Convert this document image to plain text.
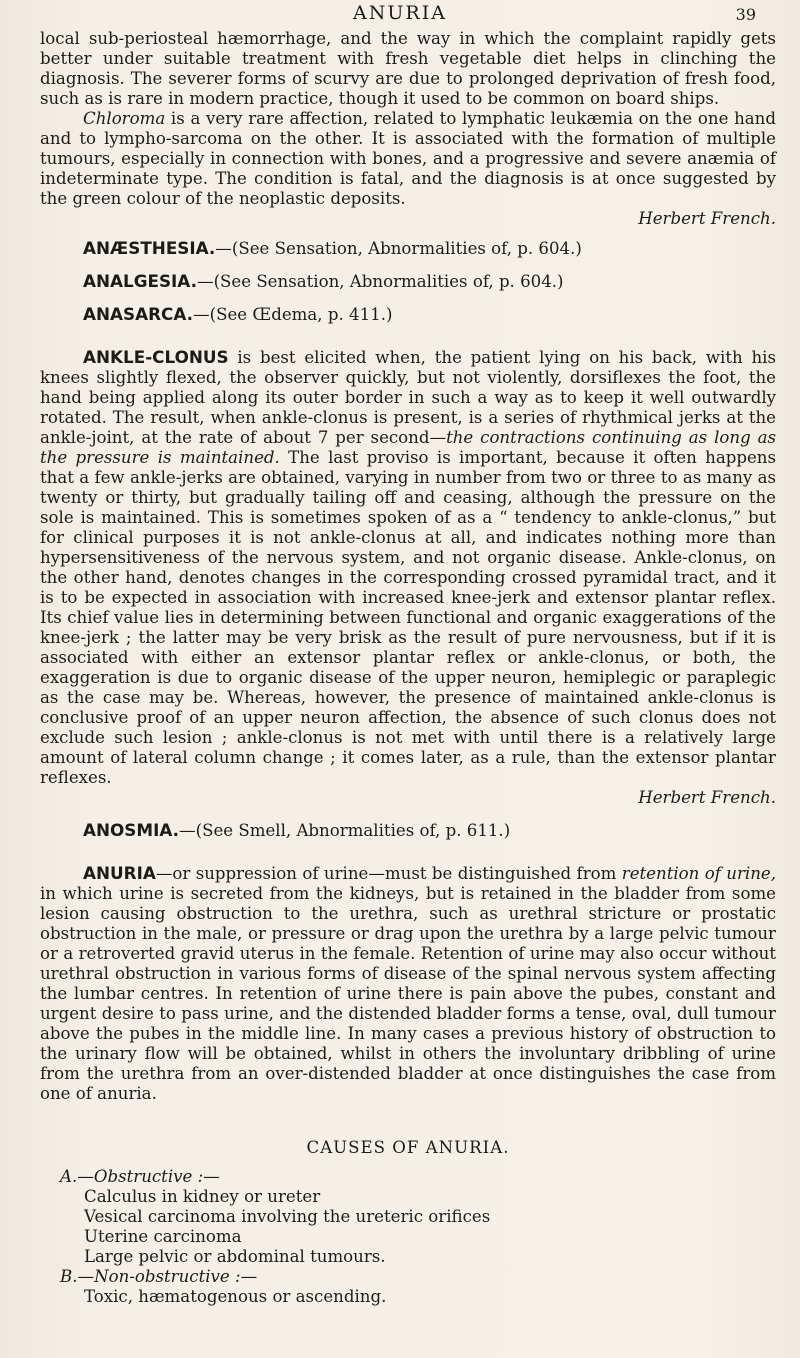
ANURIA	39

local sub-periosteal hæmorrhage, and the way in which the complaint rapidly gets better under suitable treatment with fresh vegetable diet helps in clinching the diagnosis. The severer forms of scurvy are due to prolonged deprivation of fresh food, such as is rare in modern practice, though it used to be common on board ships.

Chloroma is a very rare affection, related to lymphatic leukæmia on the one hand and to lympho-sarcoma on the other. It is associated with the formation of multiple tumours, especially in connection with bones, and a progressive and severe anæmia of indeterminate type. The condition is fatal, and the diagnosis is at once suggested by the green colour of the neoplastic deposits.

Herbert French.

ANÆSTHESIA.—(See Sensation, Abnormalities of, p. 604.)

ANALGESIA.—(See Sensation, Abnormalities of, p. 604.)

ANASARCA.—(See Œdema, p. 411.)

ANKLE-CLONUS is best elicited when, the patient lying on his back, with his knees slightly flexed, the observer quickly, but not violently, dorsiflexes the foot, the hand being applied along its outer border in such a way as to keep it well outwardly rotated. The result, when ankle-clonus is present, is a series of rhythmical jerks at the ankle-joint, at the rate of about 7 per second—the contractions continuing as long as the pressure is maintained. The last proviso is important, because it often happens that a few ankle-jerks are obtained, varying in number from two or three to as many as twenty or thirty, but gradually tailing off and ceasing, although the pressure on the sole is maintained. This is sometimes spoken of as a “ tendency to ankle-clonus,” but for clinical purposes it is not ankle-clonus at all, and indicates nothing more than hypersensitiveness of the nervous system, and not organic disease. Ankle-clonus, on the other hand, denotes changes in the corresponding crossed pyramidal tract, and it is to be expected in association with increased knee-jerk and extensor plantar reflex. Its chief value lies in determining between functional and organic exaggerations of the knee-jerk ; the latter may be very brisk as the result of pure nervousness, but if it is associated with either an extensor plantar reflex or ankle-clonus, or both, the exaggeration is due to organic disease of the upper neuron, hemiplegic or paraplegic as the case may be. Whereas, however, the presence of maintained ankle-clonus is conclusive proof of an upper neuron affection, the absence of such clonus does not exclude such lesion ; ankle-clonus is not met with until there is a relatively large amount of lateral column change ; it comes later, as a rule, than the extensor plantar reflexes.

Herbert French.

ANOSMIA.—(See Smell, Abnormalities of, p. 611.)

ANURIA—or suppression of urine—must be distinguished from retention of urine, in which urine is secreted from the kidneys, but is retained in the bladder from some lesion causing obstruction to the urethra, such as urethral stricture or prostatic obstruction in the male, or pressure or drag upon the urethra by a large pelvic tumour or a retroverted gravid uterus in the female. Retention of urine may also occur without urethral obstruction in various forms of disease of the spinal nervous system affecting the lumbar centres. In retention of urine there is pain above the pubes, constant and urgent desire to pass urine, and the distended bladder forms a tense, oval, dull tumour above the pubes in the middle line. In many cases a previous history of obstruction to the urinary flow will be obtained, whilst in others the involuntary dribbling of urine from the urethra from an over-distended bladder at once distinguishes the case from one of anuria.

CAUSES OF ANURIA.
A.—Obstructive :—
Calculus in kidney or ureter
Vesical carcinoma involving the ureteric orifices
Uterine carcinoma
Large pelvic or abdominal tumours.
B.—Non-obstructive :—
Toxic, hæmatogenous or ascending.
